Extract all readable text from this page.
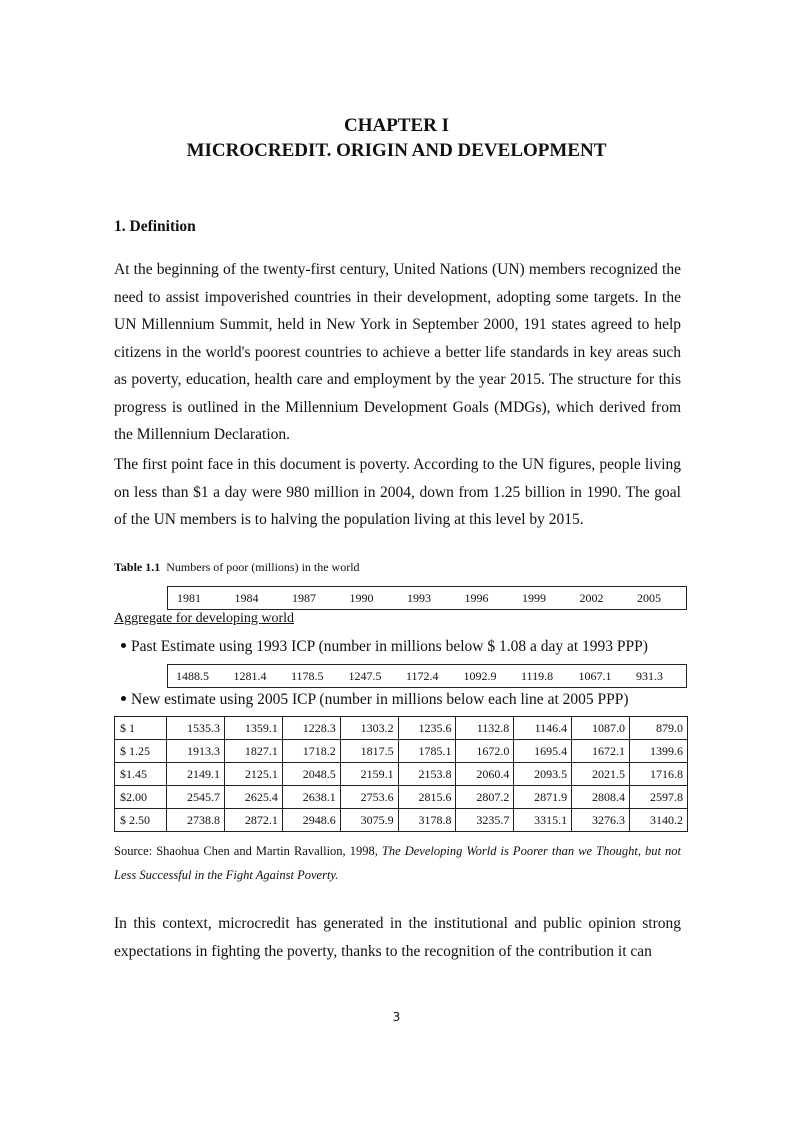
CHAPTER I
MICROCREDIT. ORIGIN AND DEVELOPMENT
1. Definition

At the beginning of the twenty-first century, United Nations (UN) members recognized the need to assist impoverished countries in their development, adopting some targets. In the UN Millennium Summit, held in New York in September 2000, 191 states agreed to help citizens in the world's poorest countries to achieve a better life standards in key areas such as poverty, education, health care and employment by the year 2015. The structure for this progress is outlined in the Millennium Development Goals (MDGs), which derived from the Millennium Declaration.

The first point face in this document is poverty. According to the UN figures, people living on less than $1 a day were 980 million in 2004, down from 1.25 billion in 1990. The goal of the UN members is to halving the population living at this level by 2015.

Table 1.1 Numbers of poor (millions) in the world

1981	1984	1987	1990	1993	1996	1999	2002	2005

Aggregate for developing world

Past Estimate using 1993 ICP (number in millions below $ 1.08 a day at 1993 PPP)

1488.5	1281.4	1178.5	1247.5	1172.4	1092.9	1119.8	1067.1	931.3

New estimate using 2005 ICP (number in millions below each line at 2005 PPP)

$ 1	1535.3	1359.1	1228.3	1303.2	1235.6	1132.8	1146.4	1087.0	879.0
$ 1.25	1913.3	1827.1	1718.2	1817.5	1785.1	1672.0	1695.4	1672.1	1399.6
$1.45	2149.1	2125.1	2048.5	2159.1	2153.8	2060.4	2093.5	2021.5	1716.8
$2.00	2545.7	2625.4	2638.1	2753.6	2815.6	2807.2	2871.9	2808.4	2597.8
$ 2.50	2738.8	2872.1	2948.6	3075.9	3178.8	3235.7	3315.1	3276.3	3140.2

Source: Shaohua Chen and Martin Ravallion, 1998, The Developing World is Poorer than we Thought, but not Less Successful in the Fight Against Poverty.

In this context, microcredit has generated in the institutional and public opinion strong expectations in fighting the poverty, thanks to the recognition of the contribution it can

3
